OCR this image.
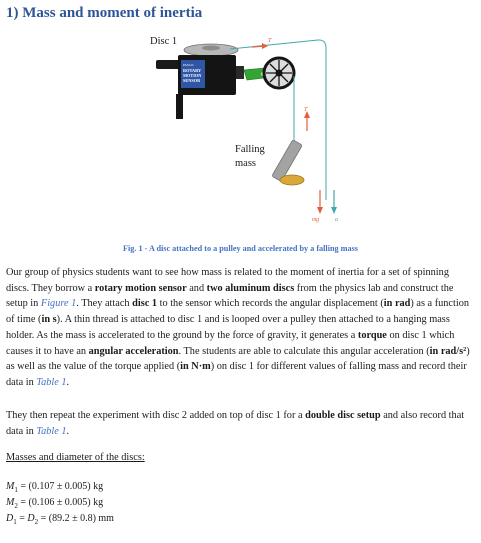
1) Mass and moment of inertia
Disc 1
PASCO
ROTARY
MOTION
SENSOR
T
T
Falling
mass
mg	a
Fig. 1 - A disc attached to a pulley and accelerated by a falling mass

Our group of physics students want to see how mass is related to the moment of inertia for a set of spinning discs. They borrow a rotary motion sensor and two aluminum discs from the physics lab and construct the setup in Figure 1. They attach disc 1 to the sensor which records the angular displacement (in rad) as a function of time (in s). A thin thread is attached to disc 1 and is looped over a pulley then attached to a hanging mass holder. As the mass is accelerated to the ground by the force of gravity, it generates a torque on disc 1 which causes it to have an angular acceleration. The students are able to calculate this angular acceleration (in rad/s²) as well as the value of the torque applied (in N·m) on disc 1 for different values of falling mass and record their data in Table 1.

They then repeat the experiment with disc 2 added on top of disc 1 for a double disc setup and also record that data in Table 1.

Masses and diameter of the discs:
$M_1 = (0.107 \pm 0.005)$ kg
$M_2 = (0.106 \pm 0.005)$ kg
$D_1 = D_2 = (89.2 \pm 0.8)$ mm
